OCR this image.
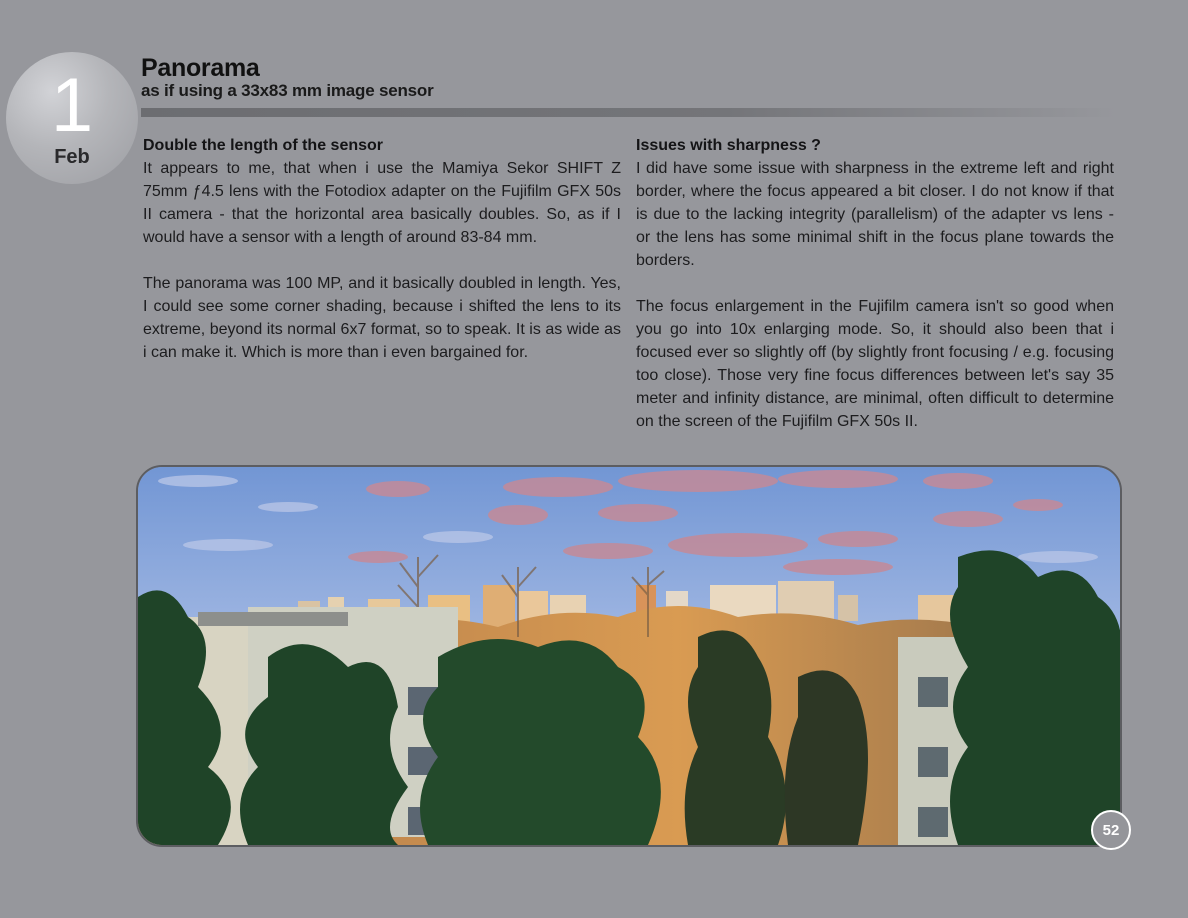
1
Feb
Panorama
as if using a 33x83 mm image sensor
Double the length of the sensor

It appears to me, that when i use the Mamiya Sekor SHIFT Z 75mm ƒ4.5 lens with the Fotodiox adapter on the Fujifilm GFX 50s II camera - that the horizontal area basically doubles. So, as if I would have a sensor with a length of around 83-84 mm.

The panorama was 100 MP, and it basically doubled in length. Yes, I could see some corner shading, because i shifted the lens to its extreme, beyond its normal 6x7 format, so to speak. It is as wide as i can make it. Which is more than i even bargained for.

Issues with sharpness ?

I did have some issue with sharpness in the extreme left and right border, where the focus appeared a bit closer. I do not know if that is due to the lacking integrity (parallelism) of the adapter vs lens - or the lens has some minimal shift in the focus plane towards the borders.

The focus enlargement in the Fujifilm camera isn't so good when you go into 10x enlarging mode. So, it should also been that i focused ever so slightly off (by slightly front focusing / e.g. focusing too close). Those very fine focus differences between let's say 35 meter and infinity distance, are minimal, often difficult to determine on the screen of the Fujifilm GFX 50s II.

52
